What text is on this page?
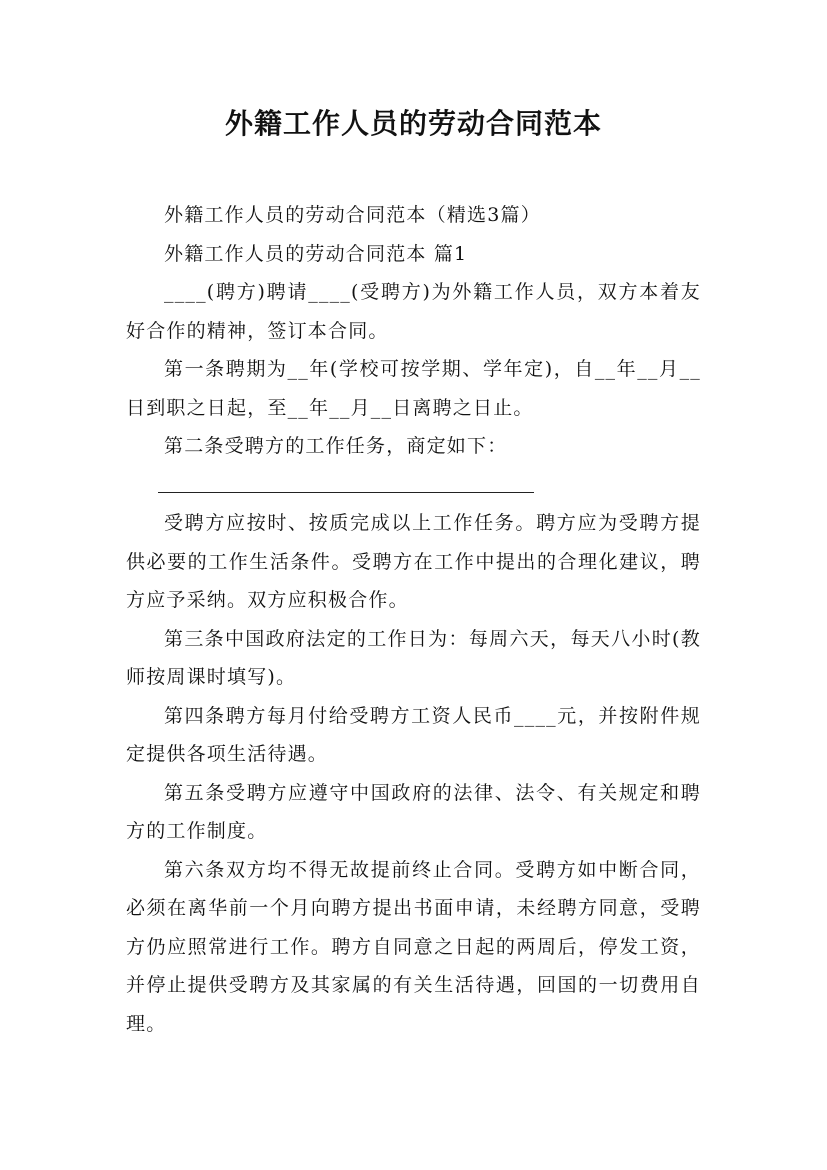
外籍工作人员的劳动合同范本

外籍工作人员的劳动合同范本（精选3篇）

外籍工作人员的劳动合同范本 篇1

____(聘方)聘请____(受聘方)为外籍工作人员，双方本着友好合作的精神，签订本合同。

第一条聘期为__年(学校可按学期、学年定)，自__年__月__日到职之日起，至__年__月__日离聘之日止。

第二条受聘方的工作任务，商定如下：

受聘方应按时、按质完成以上工作任务。聘方应为受聘方提供必要的工作生活条件。受聘方在工作中提出的合理化建议，聘方应予采纳。双方应积极合作。

第三条中国政府法定的工作日为：每周六天，每天八小时(教师按周课时填写)。

第四条聘方每月付给受聘方工资人民币____元，并按附件规定提供各项生活待遇。

第五条受聘方应遵守中国政府的法律、法令、有关规定和聘方的工作制度。

第六条双方均不得无故提前终止合同。受聘方如中断合同，必须在离华前一个月向聘方提出书面申请，未经聘方同意，受聘方仍应照常进行工作。聘方自同意之日起的两周后，停发工资，并停止提供受聘方及其家属的有关生活待遇，回国的一切费用自理。
